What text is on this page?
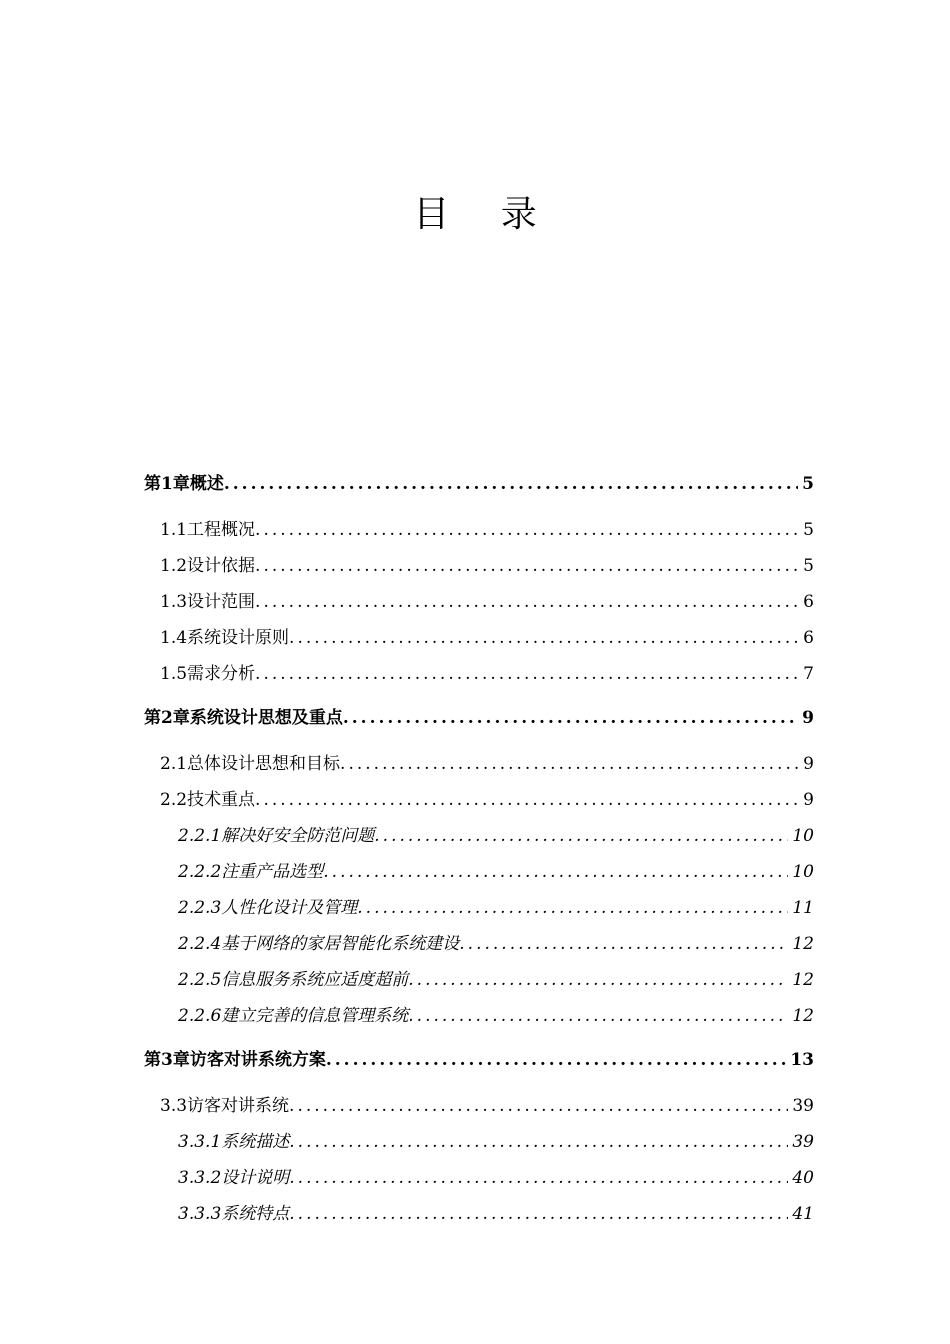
目 录
第1章 概述 .....	5
1.1 工程概况 .....	5
1.2 设计依据 .....	5
1.3 设计范围 .....	6
1.4 系统设计原则 .....	6
1.5 需求分析 .....	7
第2章 系统设计思想及重点 .....	9
2.1 总体设计思想和目标 .....	9
2.2 技术重点 .....	9
2.2.1 解决好安全防范问题 .....	10
2.2.2 注重产品选型 .....	10
2.2.3 人性化设计及管理 .....	11
2.2.4 基于网络的家居智能化系统建设 .....	12
2.2.5 信息服务系统应适度超前 .....	12
2.2.6 建立完善的信息管理系统 .....	12
第3章 访客对讲系统方案 .....	13
3.3 访客对讲系统 .....	39
3.3.1 系统描述 .....	39
3.3.2 设计说明 .....	40
3.3.3 系统特点 .....	41
